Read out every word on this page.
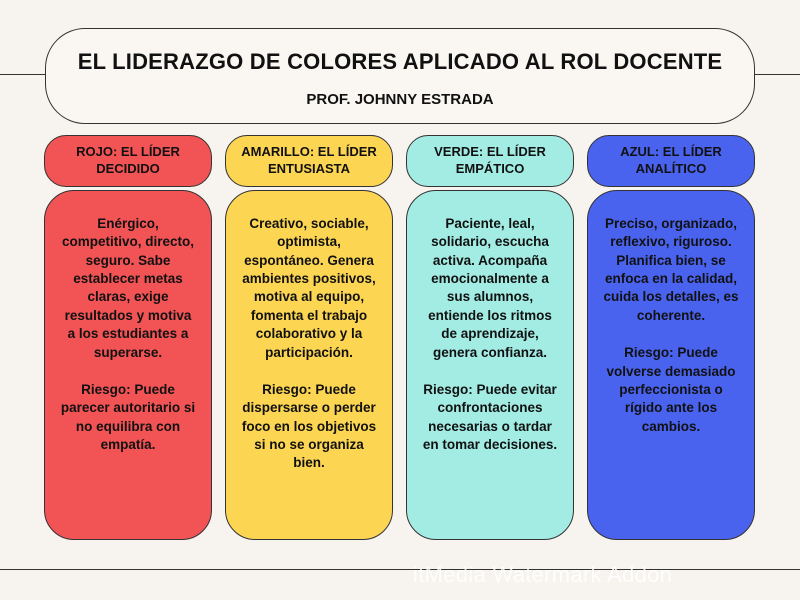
EL LIDERAZGO DE COLORES APLICADO AL ROL DOCENTE
PROF. JOHNNY ESTRADA
ROJO: EL LÍDER DECIDIDO

Enérgico, competitivo, directo, seguro. Sabe establecer metas claras, exige resultados y motiva a los estudiantes a superarse.

Riesgo: Puede parecer autoritario si no equilibra con empatía.

AMARILLO: EL LÍDER ENTUSIASTA

Creativo, sociable, optimista, espontáneo. Genera ambientes positivos, motiva al equipo, fomenta el trabajo colaborativo y la participación.

Riesgo: Puede dispersarse o perder foco en los objetivos si no se organiza bien.

VERDE: EL LÍDER EMPÁTICO

Paciente, leal, solidario, escucha activa. Acompaña emocionalmente a sus alumnos, entiende los ritmos de aprendizaje, genera confianza.

Riesgo: Puede evitar confrontaciones necesarias o tardar en tomar decisiones.

AZUL: EL LÍDER ANALÍTICO

Preciso, organizado, reflexivo, riguroso. Planifica bien, se enfoca en la calidad, cuida los detalles, es coherente.

Riesgo: Puede volverse demasiado perfeccionista o rígido ante los cambios.

itMedia Watermark Addon
